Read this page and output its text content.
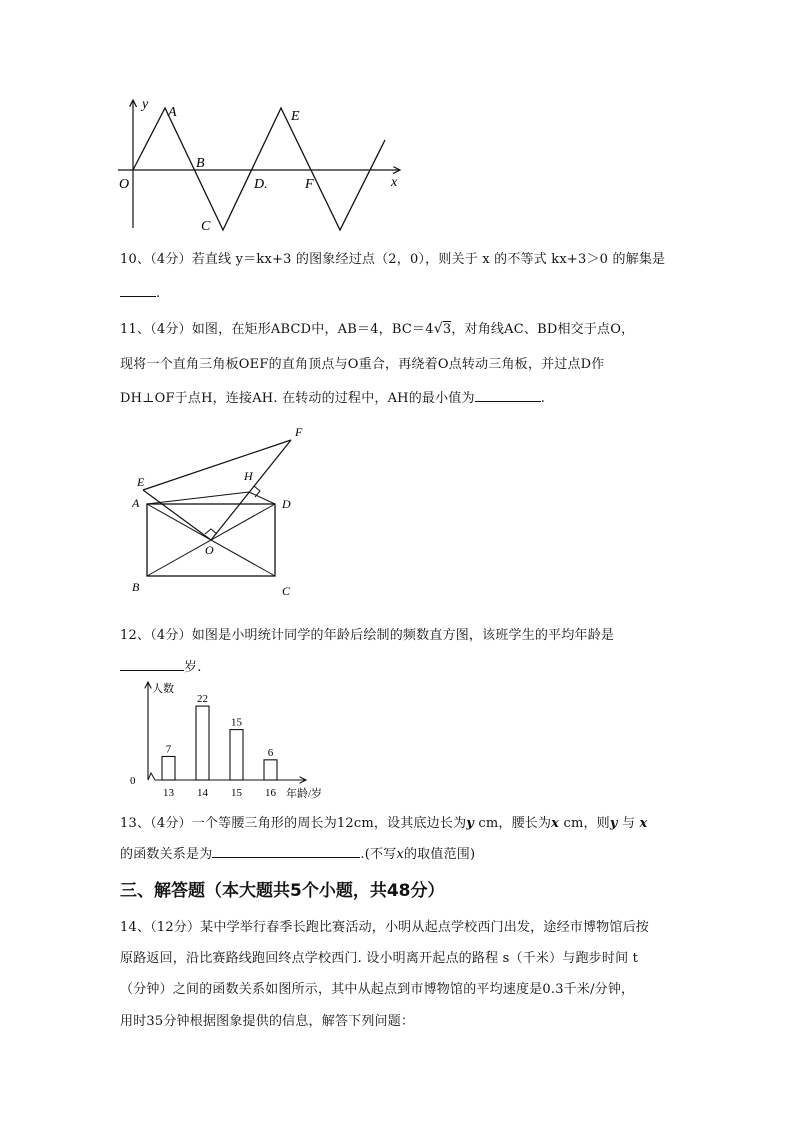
y
A
B
C
O	D.
E
F	x
10、（4分）若直线 y＝kx+3 的图象经过点（2，0），则关于 x 的不等式 kx+3＞0 的解集是
.
11、（4分）如图，在矩形ABCD中，AB＝4，BC＝4√3，对角线AC、BD相交于点O，
现将一个直角三角板OEF的直角顶点与O重合，再绕着O点转动三角板，并过点D作
DH⊥OF于点H，连接AH. 在转动的过程中，AH的最小值为	.
A
B	C
D
E
F
H
O
12、（4分）如图是小明统计同学的年龄后绘制的频数直方图，该班学生的平均年龄是
岁.
人数
年龄/岁
0
7
13
22
14
15
15
6
16
13、（4分）一个等腰三角形的周长为12cm，设其底边长为y cm，腰长为x cm，则y 与 x
的函数关系是为	.(不写x的取值范围)
三、解答题（本大题共5个小题，共48分）
14、（12分）某中学举行春季长跑比赛活动，小明从起点学校西门出发，途经市博物馆后按
原路返回，沿比赛路线跑回终点学校西门. 设小明离开起点的路程 s（千米）与跑步时间 t
（分钟）之间的函数关系如图所示，其中从起点到市博物馆的平均速度是0.3千米/分钟，
用时35分钟根据图象提供的信息，解答下列问题：
